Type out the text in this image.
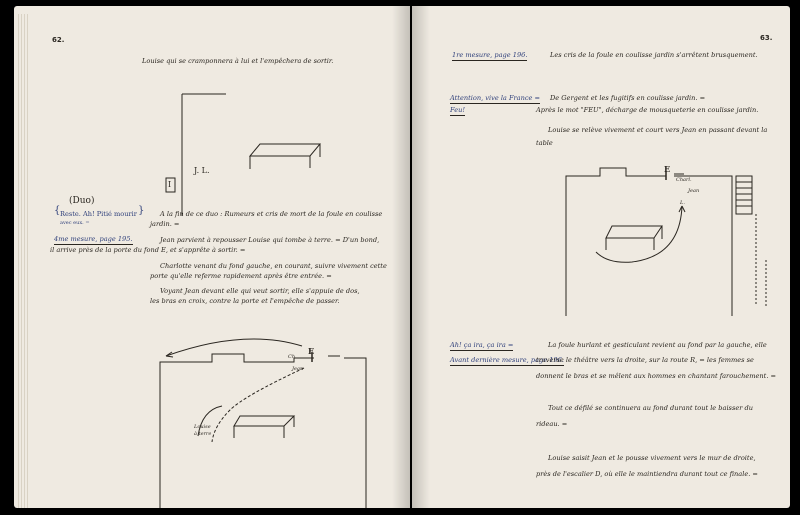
62.
Louise qui se cramponnera à lui et l'empêchera de sortir.
I
J. L.
(Duo)
{ Reste. Ah! Pitié mourir
avec eux. =
}
4me mesure, page 195.
A la fin de ce duo : Rumeurs et cris de mort de la foule en coulisse
jardin. =
Jean parvient à repousser Louise qui tombe à terre. = D'un bond,
il arrive près de la porte du fond E, et s'apprête à sortir. =
Charlotte venant du fond gauche, en courant, suivre vivement cette
porte qu'elle referme rapidement après être entrée. =
Voyant Jean devant elle qui veut sortir, elle s'appuie de dos,
les bras en croix, contre la porte et l'empêche de passer.
E
Ch.
Jean
Louise
à terre
63.
1re mesure, page 196.	Les cris de la foule en coulisse jardin s'arrêtent brusquement.
Attention, vive la France = De Gergent et les fugitifs en coulisse jardin. =
Feu!	Après le mot "FEU", décharge de mousqueterie en coulisse jardin.
Louise se relève vivement et court vers Jean en passant devant la
table
E
Charl.
Jean
L.
Ah! ça ira, ça ira =
Avant dernière mesure, page 196.
La foule hurlant et gesticulant revient au fond par la gauche, elle
traverse le théâtre vers la droite, sur la route R, = les femmes se
donnent le bras et se mêlent aux hommes en chantant farouchement. =
Tout ce défilé se continuera au fond durant tout le baisser du
rideau. =
Louise saisit Jean et le pousse vivement vers le mur de droite,
près de l'escalier D, où elle le maintiendra durant tout ce finale. =
